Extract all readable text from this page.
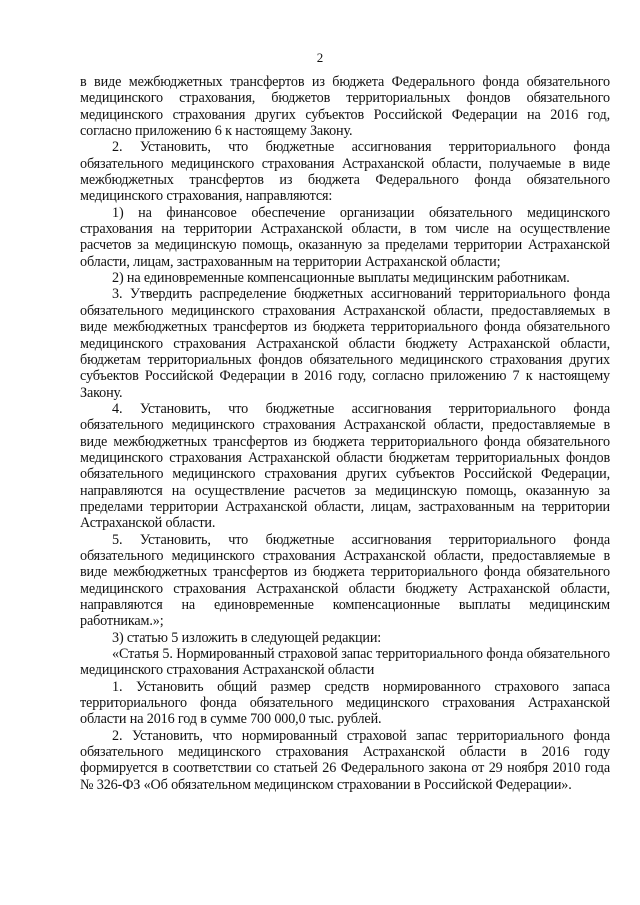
2

в виде межбюджетных трансфертов из бюджета Федерального фонда обязательного медицинского страхования, бюджетов территориальных фондов обязательного медицинского страхования других субъектов Российской Федерации на 2016 год, согласно приложению 6 к настоящему Закону.

2. Установить, что бюджетные ассигнования территориального фонда обязательного медицинского страхования Астраханской области, получаемые в виде межбюджетных трансфертов из бюджета Федерального фонда обязательного медицинского страхования, направляются:

1) на финансовое обеспечение организации обязательного медицинского страхования на территории Астраханской области, в том числе на осуществление расчетов за медицинскую помощь, оказанную за пределами территории Астраханской области, лицам, застрахованным на территории Астраханской области;

2) на единовременные компенсационные выплаты медицинским работникам.

3. Утвердить распределение бюджетных ассигнований территориального фонда обязательного медицинского страхования Астраханской области, предоставляемых в виде межбюджетных трансфертов из бюджета территориального фонда обязательного медицинского страхования Астраханской области бюджету Астраханской области, бюджетам территориальных фондов обязательного медицинского страхования других субъектов Российской Федерации в 2016 году, согласно приложению 7 к настоящему Закону.

4. Установить, что бюджетные ассигнования территориального фонда обязательного медицинского страхования Астраханской области, предоставляемые в виде межбюджетных трансфертов из бюджета территориального фонда обязательного медицинского страхования Астраханской области бюджетам территориальных фондов обязательного медицинского страхования других субъектов Российской Федерации, направляются на осуществление расчетов за медицинскую помощь, оказанную за пределами территории Астраханской области, лицам, застрахованным на территории Астраханской области.

5. Установить, что бюджетные ассигнования территориального фонда обязательного медицинского страхования Астраханской области, предоставляемые в виде межбюджетных трансфертов из бюджета территориального фонда обязательного медицинского страхования Астраханской области бюджету Астраханской области, направляются на единовременные компенсационные выплаты медицинским работникам.»;

3) статью 5 изложить в следующей редакции:

«Статья 5. Нормированный страховой запас территориального фонда обязательного медицинского страхования Астраханской области

1. Установить общий размер средств нормированного страхового запаса территориального фонда обязательного медицинского страхования Астраханской области на 2016 год в сумме 700 000,0 тыс. рублей.

2. Установить, что нормированный страховой запас территориального фонда обязательного медицинского страхования Астраханской области в 2016 году формируется в соответствии со статьей 26 Федерального закона от 29 ноября 2010 года № 326-ФЗ «Об обязательном медицинском страховании в Российской Федерации».
